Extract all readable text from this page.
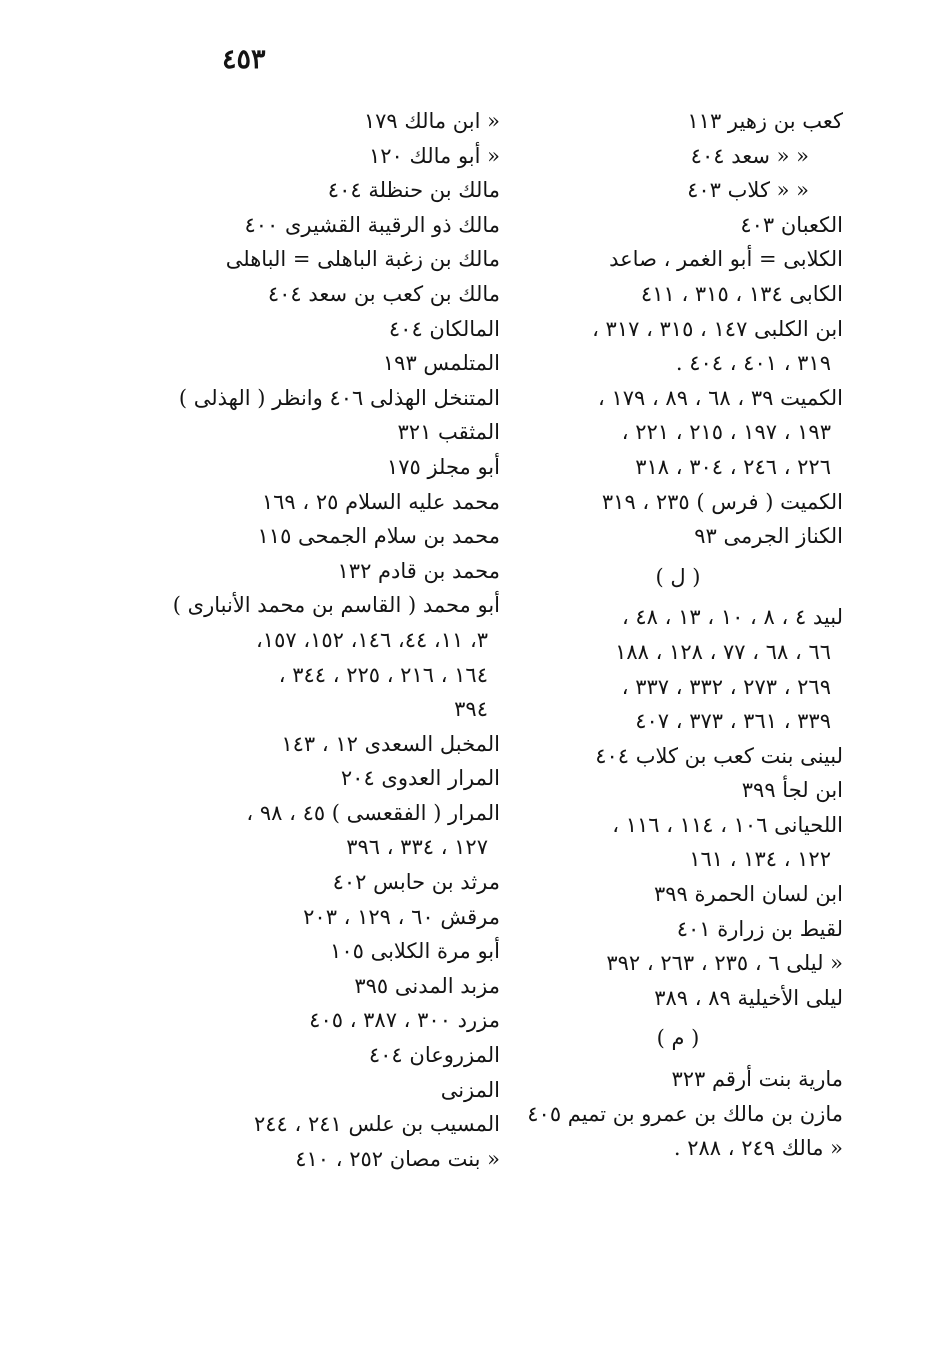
٤٥٣
كعب بن زهير ١١٣
« « سعد ٤٠٤
« « كلاب ٤٠٣
الكعبان ٤٠٣
الكلابى = أبو الغمر ، صاعد
الكابى ١٣٤ ، ٣١٥ ، ٤١١
ابن الكلبى ١٤٧ ، ٣١٥ ، ٣١٧ ،
٣١٩ ، ٤٠١ ، ٤٠٤ .
الكميت ٣٩ ، ٦٨ ، ٨٩ ، ١٧٩ ،
١٩٣ ، ١٩٧ ، ٢١٥ ، ٢٢١ ،
٢٢٦ ، ٢٤٦ ، ٣٠٤ ، ٣١٨
الكميت ( فرس ) ٢٣٥ ، ٣١٩
الكناز الجرمى ٩٣
( ل )
لبيد ٤ ، ٨ ، ١٠ ، ١٣ ، ٤٨ ،
٦٦ ، ٦٨ ، ٧٧ ، ١٢٨ ، ١٨٨
٢٦٩ ، ٢٧٣ ، ٣٣٢ ، ٣٣٧ ،
٣٣٩ ، ٣٦١ ، ٣٧٣ ، ٤٠٧
لبينى بنت كعب بن كلاب ٤٠٤
ابن لجأ ٣٩٩
اللحيانى ١٠٦ ، ١١٤ ، ١١٦ ،
١٢٢ ، ١٣٤ ، ١٦١
ابن لسان الحمرة ٣٩٩
لقيط بن زرارة ٤٠١
« ليلى ٦ ، ٢٣٥ ، ٢٦٣ ، ٣٩٢
ليلى الأخيلية ٨٩ ، ٣٨٩
( م )
مارية بنت أرقم ٣٢٣
مازن بن مالك بن عمرو بن تميم ٤٠٥
« مالك ٢٤٩ ، ٢٨٨ .
« ابن مالك ١٧٩
« أبو مالك ١٢٠
مالك بن حنظلة ٤٠٤
مالك ذو الرقيبة القشيرى ٤٠٠
مالك بن زغبة الباهلى = الباهلى
مالك بن كعب بن سعد ٤٠٤
المالكان ٤٠٤
المتلمس ١٩٣
المتنخل الهذلى ٤٠٦ وانظر ( الهذلى )
المثقب ٣٢١
أبو مجلز ١٧٥
محمد عليه السلام ٢٥ ، ١٦٩
محمد بن سلام الجمحى ١١٥
محمد بن قادم ١٣٢
أبو محمد ( القاسم بن محمد الأنبارى )
٣، ١١، ٤٤، ١٤٦، ١٥٢، ١٥٧،
١٦٤ ، ٢١٦ ، ٢٢٥ ، ٣٤٤ ،
٣٩٤
المخبل السعدى ١٢ ، ١٤٣
المرار العدوى ٢٠٤
المرار ( الفقعسى ) ٤٥ ، ٩٨ ،
١٢٧ ، ٣٣٤ ، ٣٩٦
مرثد بن حابس ٤٠٢
مرقش ٦٠ ، ١٢٩ ، ٢٠٣
أبو مرة الكلابى ١٠٥
مزبد المدنى ٣٩٥
مزرد ٣٠٠ ، ٣٨٧ ، ٤٠٥
المزروعان ٤٠٤
المزنى
المسيب بن علس ٢٤١ ، ٢٤٤
« بنت مصان ٢٥٢ ، ٤١٠
